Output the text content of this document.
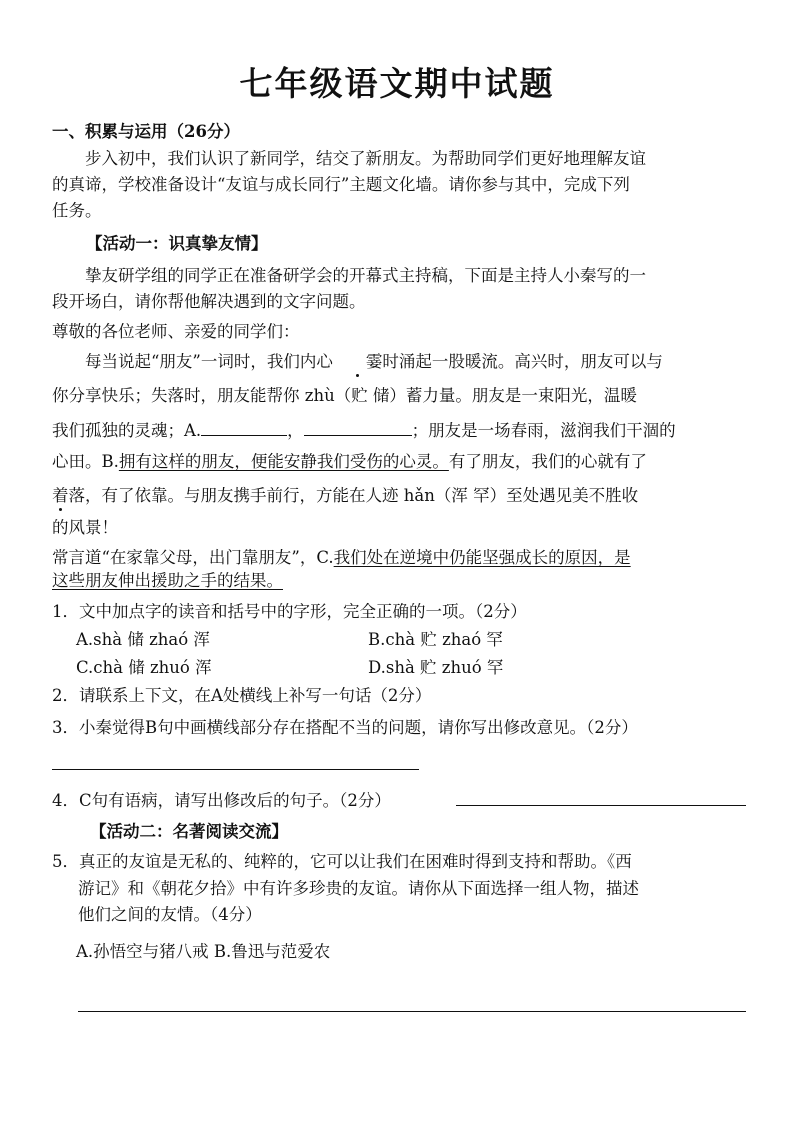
七年级语文期中试题
一、积累与运用（26分）
步入初中，我们认识了新同学，结交了新朋友。为帮助同学们更好地理解友谊
的真谛，学校准备设计“友谊与成长同行”主题文化墙。请你参与其中，完成下列
任务。
【活动一：识真挚友情】
挚友研学组的同学正在准备研学会的开幕式主持稿，下面是主持人小秦写的一
段开场白，请你帮他解决遇到的文字问题。
尊敬的各位老师、亲爱的同学们：
每当说起“朋友”一词时，我们内心 霎时涌起一股暖流。高兴时，朋友可以与
你分享快乐；失落时，朋友能帮你 zhù（贮 储）蓄力量。朋友是一束阳光，温暖
我们孤独的灵魂；A.	，	；朋友是一场春雨，滋润我们干涸的
心田。B.拥有这样的朋友，便能安静我们受伤的心灵。有了朋友，我们的心就有了
着落，有了依靠。与朋友携手前行，方能在人迹 hǎn（浑 罕）至处遇见美不胜收
的风景！
常言道“在家靠父母，出门靠朋友”，C.我们处在逆境中仍能坚强成长的原因，是
这些朋友伸出援助之手的结果。
1．文中加点字的读音和括号中的字形，完全正确的一项。（2分）
A.shà 储 zhaó 浑	B.chà 贮 zhaó 罕
C.chà 储 zhuó 浑	D.shà 贮 zhuó 罕
2．请联系上下文，在A处横线上补写一句话（2分）
3．小秦觉得B句中画横线部分存在搭配不当的问题，请你写出修改意见。（2分）
4．C句有语病，请写出修改后的句子。（2分）
【活动二：名著阅读交流】
5．真正的友谊是无私的、纯粹的，它可以让我们在困难时得到支持和帮助。《西
游记》和《朝花夕拾》中有许多珍贵的友谊。请你从下面选择一组人物，描述
他们之间的友情。（4分）
A.孙悟空与猪八戒 B.鲁迅与范爱农
